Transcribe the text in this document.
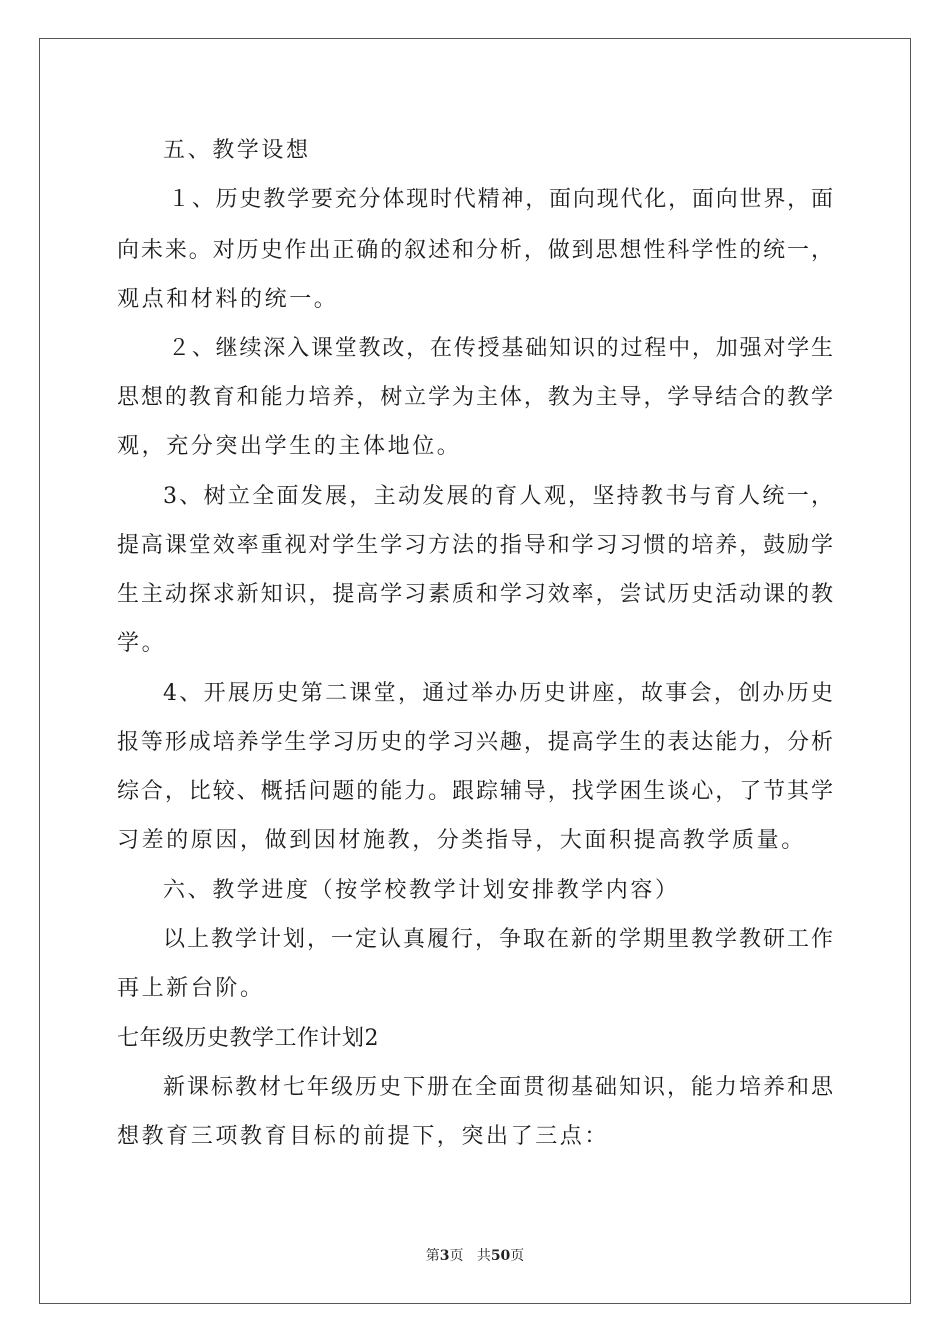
五、教学设想
１、历史教学要充分体现时代精神，面向现代化，面向世界，面
向未来。对历史作出正确的叙述和分析，做到思想性科学性的统一，
观点和材料的统一。
２、继续深入课堂教改，在传授基础知识的过程中，加强对学生
思想的教育和能力培养，树立学为主体，教为主导，学导结合的教学
观，充分突出学生的主体地位。
3、树立全面发展，主动发展的育人观，坚持教书与育人统一，
提高课堂效率重视对学生学习方法的指导和学习习惯的培养，鼓励学
生主动探求新知识，提高学习素质和学习效率，尝试历史活动课的教
学。
4、开展历史第二课堂，通过举办历史讲座，故事会，创办历史
报等形成培养学生学习历史的学习兴趣，提高学生的表达能力，分析
综合，比较、概括问题的能力。跟踪辅导，找学困生谈心，了节其学
习差的原因，做到因材施教，分类指导，大面积提高教学质量。
六、教学进度（按学校教学计划安排教学内容）
以上教学计划，一定认真履行，争取在新的学期里教学教研工作
再上新台阶。
七年级历史教学工作计划2
新课标教材七年级历史下册在全面贯彻基础知识，能力培养和思
想教育三项教育目标的前提下，突出了三点：
第3页 共50页
